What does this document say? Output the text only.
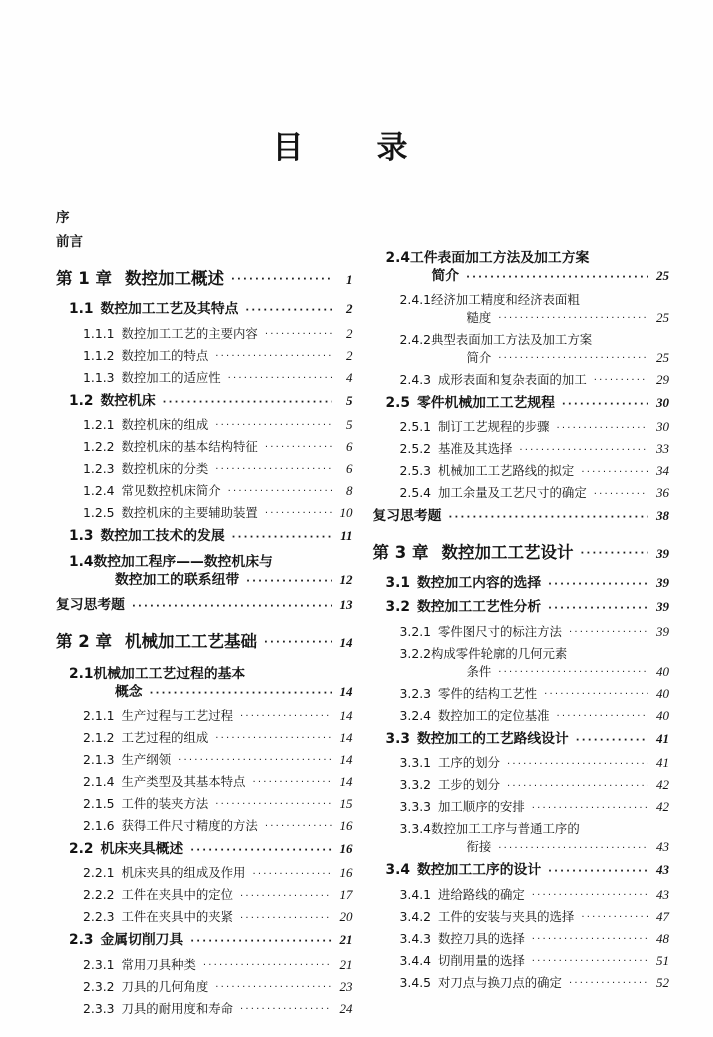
目 录
序
前言
第 1 章 数控加工概述 ·····	1
1.1 数控加工工艺及其特点 ·····	2
1.1.1 数控加工工艺的主要内容 ·····	2
1.1.2 数控加工的特点 ·····	2
1.1.3 数控加工的适应性 ·····	4
1.2 数控机床 ·····	5
1.2.1 数控机床的组成 ·····	5
1.2.2 数控机床的基本结构特征 ·····	6
1.2.3 数控机床的分类 ·····	6
1.2.4 常见数控机床简介 ·····	8
1.2.5 数控机床的主要辅助装置 ·····	10
1.3 数控加工技术的发展 ·····	11
1.4 数控加工程序——数控机床与
数控加工的联系纽带 ·····	12
复习思考题 ·····	13
第 2 章 机械加工工艺基础 ·····	14
2.1 机械加工工艺过程的基本
概念 ·····	14
2.1.1 生产过程与工艺过程 ·····	14
2.1.2 工艺过程的组成 ·····	14
2.1.3 生产纲领 ·····	14
2.1.4 生产类型及其基本特点 ·····	14
2.1.5 工件的装夹方法 ·····	15
2.1.6 获得工件尺寸精度的方法 ·····	16
2.2 机床夹具概述 ·····	16
2.2.1 机床夹具的组成及作用 ·····	16
2.2.2 工件在夹具中的定位 ·····	17
2.2.3 工件在夹具中的夹紧 ·····	20
2.3 金属切削刀具 ·····	21
2.3.1 常用刀具种类 ·····	21
2.3.2 刀具的几何角度 ·····	23
2.3.3 刀具的耐用度和寿命 ·····	24
2.4 工件表面加工方法及加工方案
简介 ·····	25
2.4.1 经济加工精度和经济表面粗
糙度 ·····	25
2.4.2 典型表面加工方法及加工方案
简介 ·····	25
2.4.3 成形表面和复杂表面的加工 ·····	29
2.5 零件机械加工工艺规程 ·····	30
2.5.1 制订工艺规程的步骤 ·····	30
2.5.2 基准及其选择 ·····	33
2.5.3 机械加工工艺路线的拟定 ·····	34
2.5.4 加工余量及工艺尺寸的确定 ·····	36
复习思考题 ·····	38
第 3 章 数控加工工艺设计 ·····	39
3.1 数控加工内容的选择 ·····	39
3.2 数控加工工艺性分析 ·····	39
3.2.1 零件图尺寸的标注方法 ·····	39
3.2.2 构成零件轮廓的几何元素
条件 ·····	40
3.2.3 零件的结构工艺性 ·····	40
3.2.4 数控加工的定位基准 ·····	40
3.3 数控加工的工艺路线设计 ·····	41
3.3.1 工序的划分 ·····	41
3.3.2 工步的划分 ·····	42
3.3.3 加工顺序的安排 ·····	42
3.3.4 数控加工工序与普通工序的
衔接 ·····	43
3.4 数控加工工序的设计 ·····	43
3.4.1 进给路线的确定 ·····	43
3.4.2 工件的安装与夹具的选择 ·····	47
3.4.3 数控刀具的选择 ·····	48
3.4.4 切削用量的选择 ·····	51
3.4.5 对刀点与换刀点的确定 ·····	52
